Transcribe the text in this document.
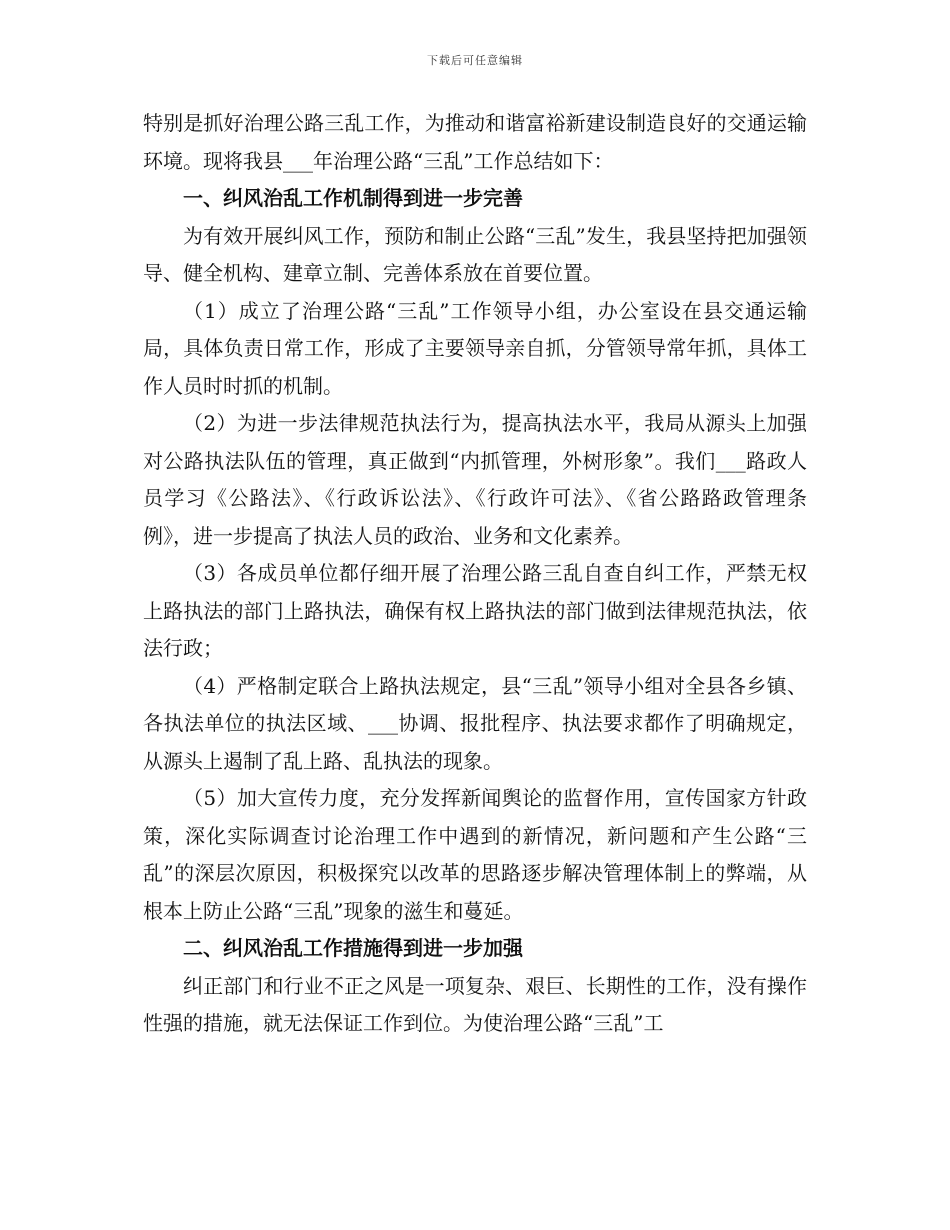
下载后可任意编辑

特别是抓好治理公路三乱工作，为推动和谐富裕新建设制造良好的交通运输环境。现将我县___年治理公路“三乱”工作总结如下：

一、纠风治乱工作机制得到进一步完善

为有效开展纠风工作，预防和制止公路“三乱”发生，我县坚持把加强领导、健全机构、建章立制、完善体系放在首要位置。

（1）成立了治理公路“三乱”工作领导小组，办公室设在县交通运输局，具体负责日常工作，形成了主要领导亲自抓，分管领导常年抓，具体工作人员时时抓的机制。

（2）为进一步法律规范执法行为，提高执法水平，我局从源头上加强对公路执法队伍的管理，真正做到“内抓管理，外树形象”。我们___路政人员学习《公路法》、《行政诉讼法》、《行政许可法》、《省公路路政管理条例》，进一步提高了执法人员的政治、业务和文化素养。

（3）各成员单位都仔细开展了治理公路三乱自查自纠工作，严禁无权上路执法的部门上路执法，确保有权上路执法的部门做到法律规范执法，依法行政；

（4）严格制定联合上路执法规定，县“三乱”领导小组对全县各乡镇、各执法单位的执法区域、___协调、报批程序、执法要求都作了明确规定，从源头上遏制了乱上路、乱执法的现象。

（5）加大宣传力度，充分发挥新闻舆论的监督作用，宣传国家方针政策，深化实际调查讨论治理工作中遇到的新情况，新问题和产生公路“三乱”的深层次原因，积极探究以改革的思路逐步解决管理体制上的弊端，从根本上防止公路“三乱”现象的滋生和蔓延。

二、纠风治乱工作措施得到进一步加强

纠正部门和行业不正之风是一项复杂、艰巨、长期性的工作，没有操作性强的措施，就无法保证工作到位。为使治理公路“三乱”工
